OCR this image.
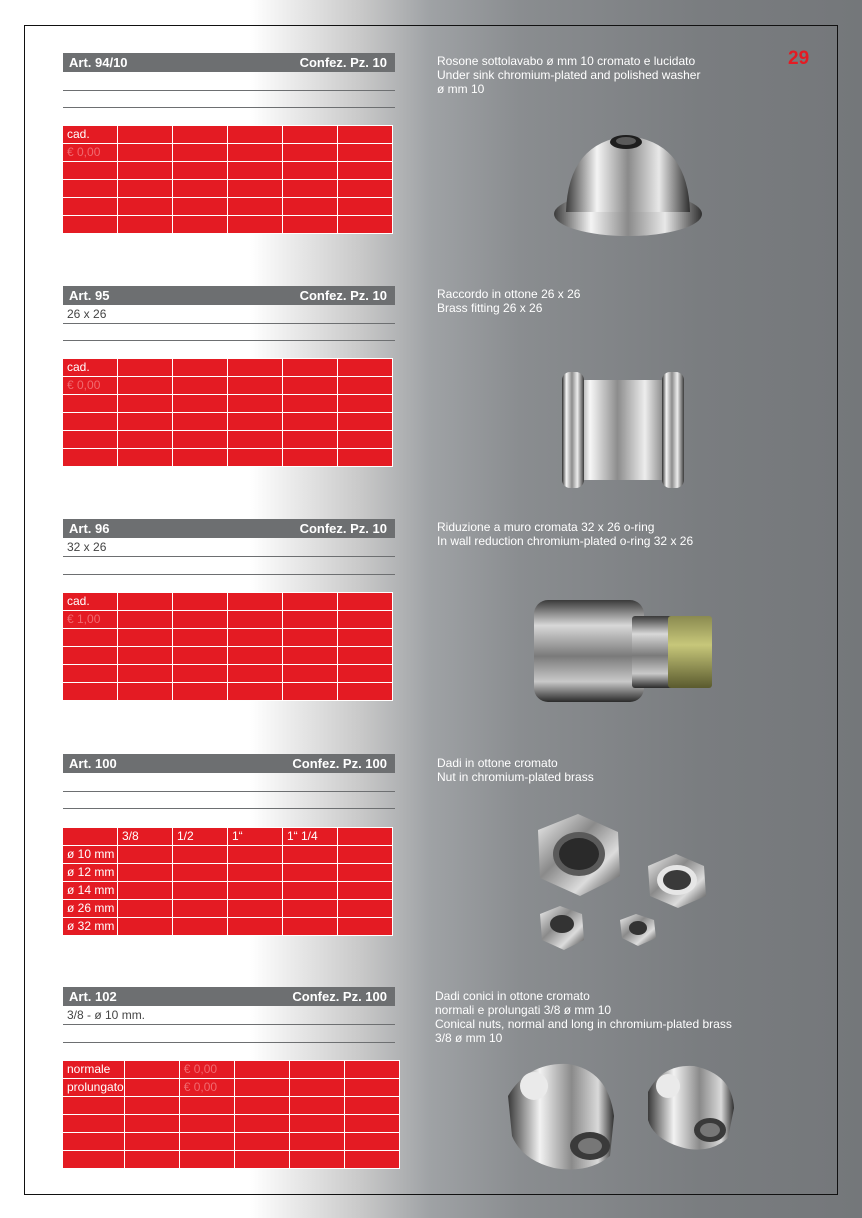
29
Art. 94/10	Confez. Pz. 10	Rosone sottolavabo ø mm 10 cromato e lucidato
Under sink chromium-plated and polished washer
ø mm 10
cad.					
€ 0,00					

Art. 95	Confez. Pz. 10
26 x 26
Raccordo in ottone 26 x 26
Brass fitting 26 x 26
cad.					
€ 0,00					

Art. 96	Confez. Pz. 10
32 x 26
Riduzione a muro cromata 32 x 26 o-ring
In wall reduction chromium-plated o-ring 32 x 26
cad.					
€ 1,00					

Art. 100	Confez. Pz. 100	Dadi in ottone cromato
Nut in chromium-plated brass
	3/8	1/2	1“	1“ 1/4	
ø 10 mm					
ø 12 mm					
ø 14 mm					
ø 26 mm					
ø 32 mm					
Art. 102	Confez. Pz. 100
3/8 - ø 10 mm.
Dadi conici in ottone cromato
normali e prolungati 3/8 ø mm 10
Conical nuts, normal and long in chromium-plated brass
3/8 ø mm 10
normale		€ 0,00			
prolungato		€ 0,00			
